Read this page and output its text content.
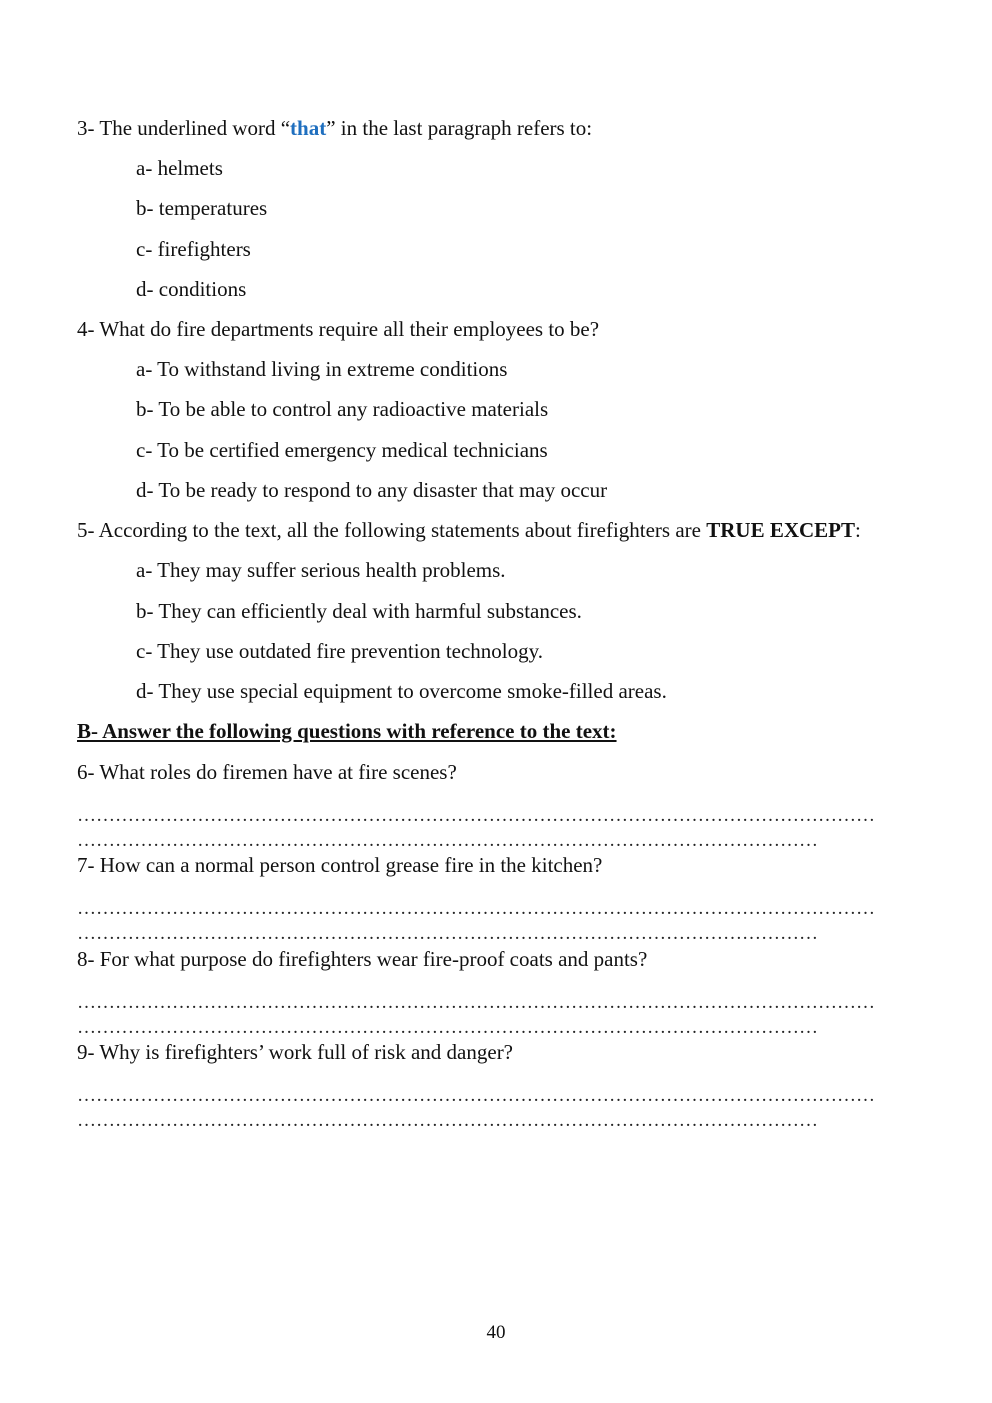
3- The underlined word “that” in the last paragraph refers to:
a- helmets
b- temperatures
c- firefighters
d- conditions
4- What do fire departments require all their employees to be?
a- To withstand living in extreme conditions
b- To be able to control any radioactive materials
c- To be certified emergency medical technicians
d- To be ready to respond to any disaster that may occur
5- According to the text, all the following statements about firefighters are TRUE EXCEPT:
a- They may suffer serious health problems.
b- They can efficiently deal with harmful substances.
c- They use outdated fire prevention technology.
d- They use special equipment to overcome smoke-filled areas.
B- Answer the following questions with reference to the text:
6- What roles do firemen have at fire scenes?
………………………………………………………………………………………………………………
………………………………………………………………………………………………………
7- How can a normal person control grease fire in the kitchen?
………………………………………………………………………………………………………………
………………………………………………………………………………………………………
8- For what purpose do firefighters wear fire-proof coats and pants?
………………………………………………………………………………………………………………
………………………………………………………………………………………………………
9- Why is firefighters’ work full of risk and danger?
………………………………………………………………………………………………………………
………………………………………………………………………………………………………
40
